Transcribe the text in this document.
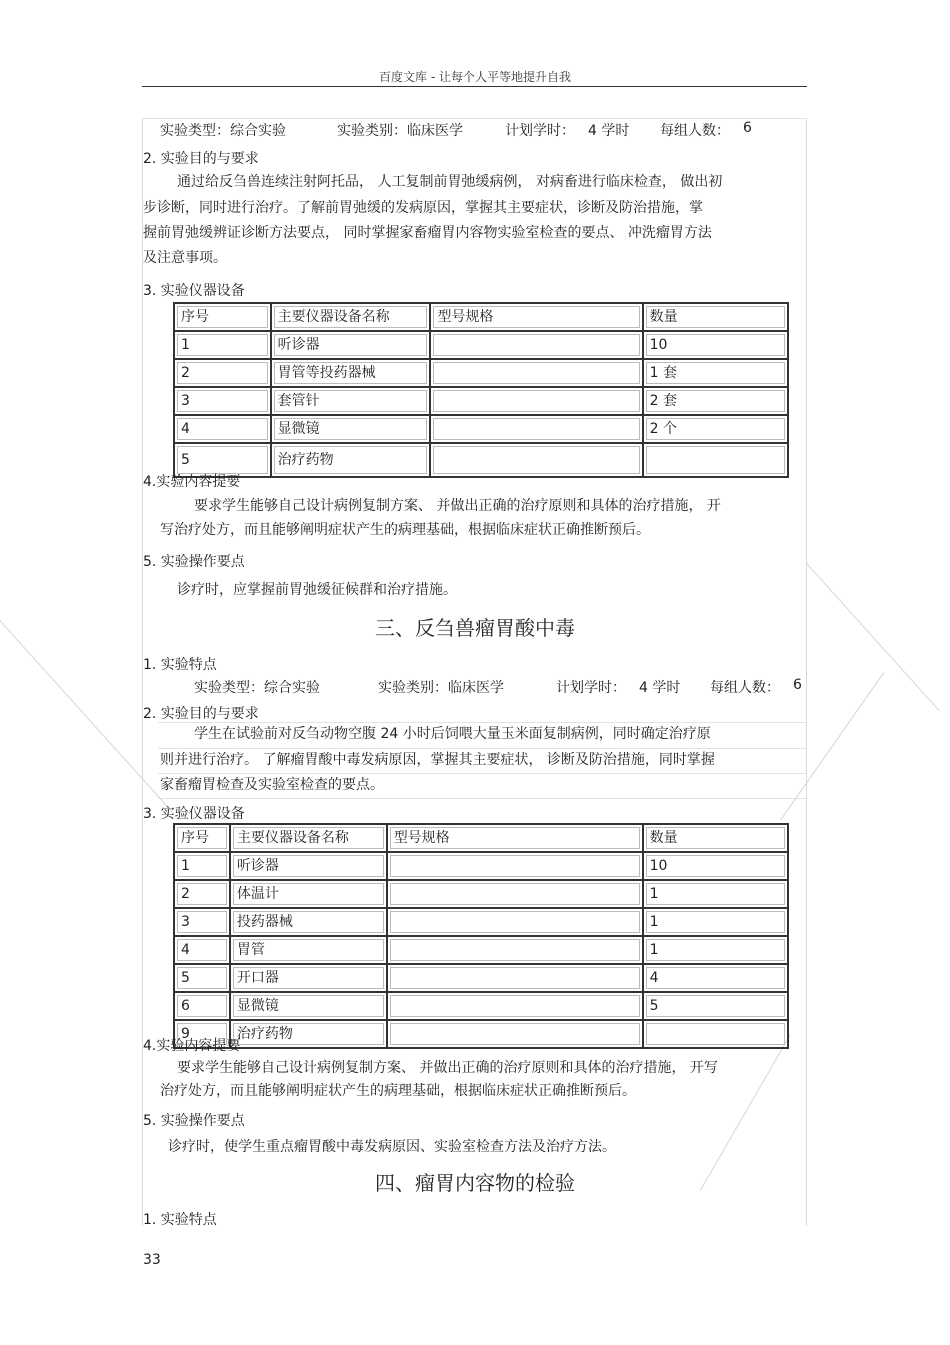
百度文库 - 让每个人平等地提升自我
实验类型：综合实验	实验类别：临床医学	计划学时： 4 学时 每组人数： 6
2. 实验目的与要求
通过给反刍兽连续注射阿托品， 人工复制前胃弛缓病例， 对病畜进行临床检查， 做出初
步诊断，同时进行治疗。了解前胃弛缓的发病原因，掌握其主要症状，诊断及防治措施，掌
握前胃弛缓辨证诊断方法要点， 同时掌握家畜瘤胃内容物实验室检查的要点、 冲洗瘤胃方法
及注意事项。
3. 实验仪器设备
序号	主要仪器设备名称	型号规格	数量

1	听诊器		10

2	胃管等投药器械		1 套

3	套管针		2 套

4	显微镜		2 个

5	治疗药物		

4.实验内容提要
要求学生能够自己设计病例复制方案、 并做出正确的治疗原则和具体的治疗措施， 开
写治疗处方，而且能够阐明症状产生的病理基础，根据临床症状正确推断预后。
5. 实验操作要点
诊疗时，应掌握前胃弛缓征候群和治疗措施。
三、反刍兽瘤胃酸中毒
1. 实验特点
实验类型：综合实验	实验类别：临床医学	计划学时： 4 学时 每组人数： 6
2. 实验目的与要求
学生在试验前对反刍动物空腹 24 小时后饲喂大量玉米面复制病例，同时确定治疗原
则并进行治疗。 了解瘤胃酸中毒发病原因，掌握其主要症状， 诊断及防治措施，同时掌握
家畜瘤胃检查及实验室检查的要点。
3. 实验仪器设备
序号	主要仪器设备名称	型号规格	数量

1	听诊器		10

2	体温计		1

3	投药器械		1

4	胃管		1

5	开口器		4

6	显微镜		5

9	治疗药物		

4.实验内容提要
要求学生能够自己设计病例复制方案、 并做出正确的治疗原则和具体的治疗措施， 开写
治疗处方，而且能够阐明症状产生的病理基础，根据临床症状正确推断预后。
5. 实验操作要点
诊疗时，使学生重点瘤胃酸中毒发病原因、实验室检查方法及治疗方法。
四、瘤胃内容物的检验
1. 实验特点
33
